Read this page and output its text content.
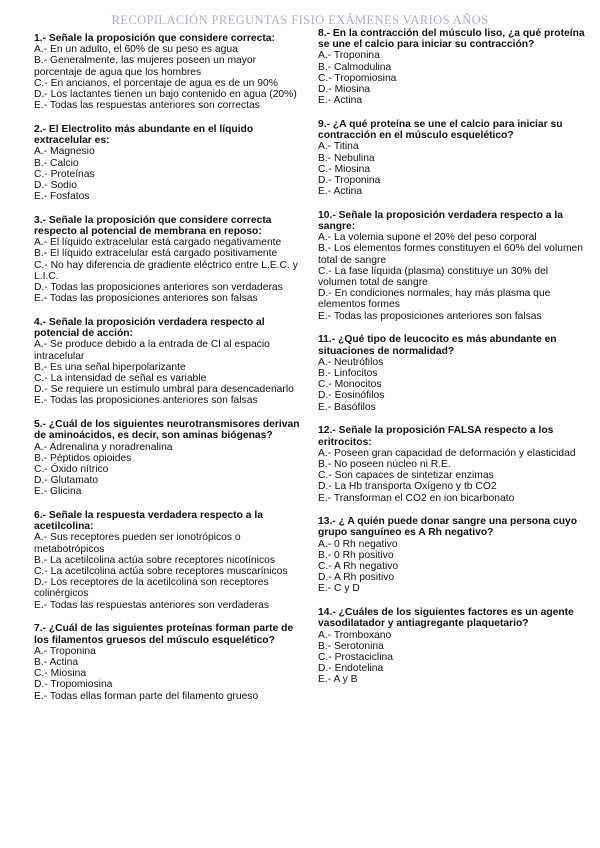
RECOPILACIÓN PREGUNTAS FISIO EXÁMENES VARIOS AÑOS
1.- Señale la proposición que considere correcta:
A.- En un adulto, el 60% de su peso es agua
B.- Generalmente, las mujeres poseen un mayor porcentaje de agua que los hombres
C.- En ancianos, el porcentaje de agua es de un 90%
D.- Los lactantes tienen un bajo contenido en agua (20%)
E.- Todas las respuestas anteriores son correctas
2.- El Electrolito más abundante en el líquido extracelular es:
A.- Magnesio
B.- Calcio
C.- Proteínas
D.- Sodio
E.- Fosfatos
3.- Señale la proposición que considere correcta respecto al potencial de membrana en reposo:
A.- El líquido extracelular está cargado negativamente
B.- El líquido extracelular está cargado positivamente
C.- No hay diferencia de gradiente eléctrico entre L.E.C. y L.I.C.
D.- Todas las proposiciones anteriores son verdaderas
E.- Todas las proposiciones anteriores son falsas
4.- Señale la proposición verdadera respecto al potencial de acción:
A.- Se produce debido a la entrada de Cl al espacio intracelular
B.- Es una señal hiperpolarizante
C.- La intensidad de señal es variable
D.- Se requiere un estímulo umbral para desencadenarlo
E.- Todas las proposiciones anteriores son falsas
5.- ¿Cuál de los siguientes neurotransmisores derivan de aminoácidos, es decir, son aminas biógenas?
A.- Adrenalina y noradrenalina
B.- Péptidos opioides
C.- Óxido nítrico
D.- Glutamato
E.- Glicina
6.- Señale la respuesta verdadera respecto a la acetilcolina:
A.- Sus receptores pueden ser ionotrópicos o metabotrópicos
B.- La acetilcolina actúa sobre receptores nicotínicos
C.- La acetilcolina actúa sobre receptores muscarínicos
D.- Los receptores de la acetilcolina son receptores colinérgicos
E.- Todas las respuestas anteriores son verdaderas
7.- ¿Cuál de las siguientes proteínas forman parte de los filamentos gruesos del músculo esquelético?
A.- Troponina
B.- Actina
C.- Miosina
D.- Tropomiosina
E.- Todas ellas forman parte del filamento grueso
8.- En la contracción del músculo liso, ¿a qué proteína se une el calcio para iniciar su contracción?
A.- Troponina
B.- Calmodulina
C.- Tropomiosina
D.- Miosina
E.- Actina
9.- ¿A qué proteína se une el calcio para iniciar su contracción en el músculo esquelético?
A.- Titina
B.- Nebulina
C.- Miosina
D.- Troponina
E.- Actina
10.- Señale la proposición verdadera respecto a la sangre:
A.- La volemia supone el 20% del peso corporal
B.- Los elementos formes constituyen el 60% del volumen total de sangre
C.- La fase líquida (plasma) constituye un 30% del volumen total de sangre
D.- En condiciones normales, hay más plasma que elementos formes
E.- Todas las proposiciones anteriores son falsas
11.- ¿Qué tipo de leucocito es más abundante en situaciones de normalidad?
A.- Neutrófilos
B.- Linfocitos
C.- Monocitos
D.- Eosinófilos
E.- Basófilos
12.- Señale la proposición FALSA respecto a los eritrocitos:
A.- Poseen gran capacidad de deformación y elasticidad
B.- No poseen núcleo ni R.E.
C.- Son capaces de sintetizar enzimas
D.- La Hb transporta Oxígeno y tb CO2
E.- Transforman el CO2 en ion bicarbonato
13.- ¿ A quién puede donar sangre una persona cuyo grupo sanguíneo es A Rh negativo?
A.- 0 Rh negativo
B.- 0 Rh positivo
C.- A Rh negativo
D.- A Rh positivo
E.- C y D
14.- ¿Cuáles de los siguientes factores es un agente vasodilatador y antiagregante plaquetario?
A.- Tromboxano
B.- Serotonina
C.- Prostaciclina
D.- Endotelina
E.- A y B
